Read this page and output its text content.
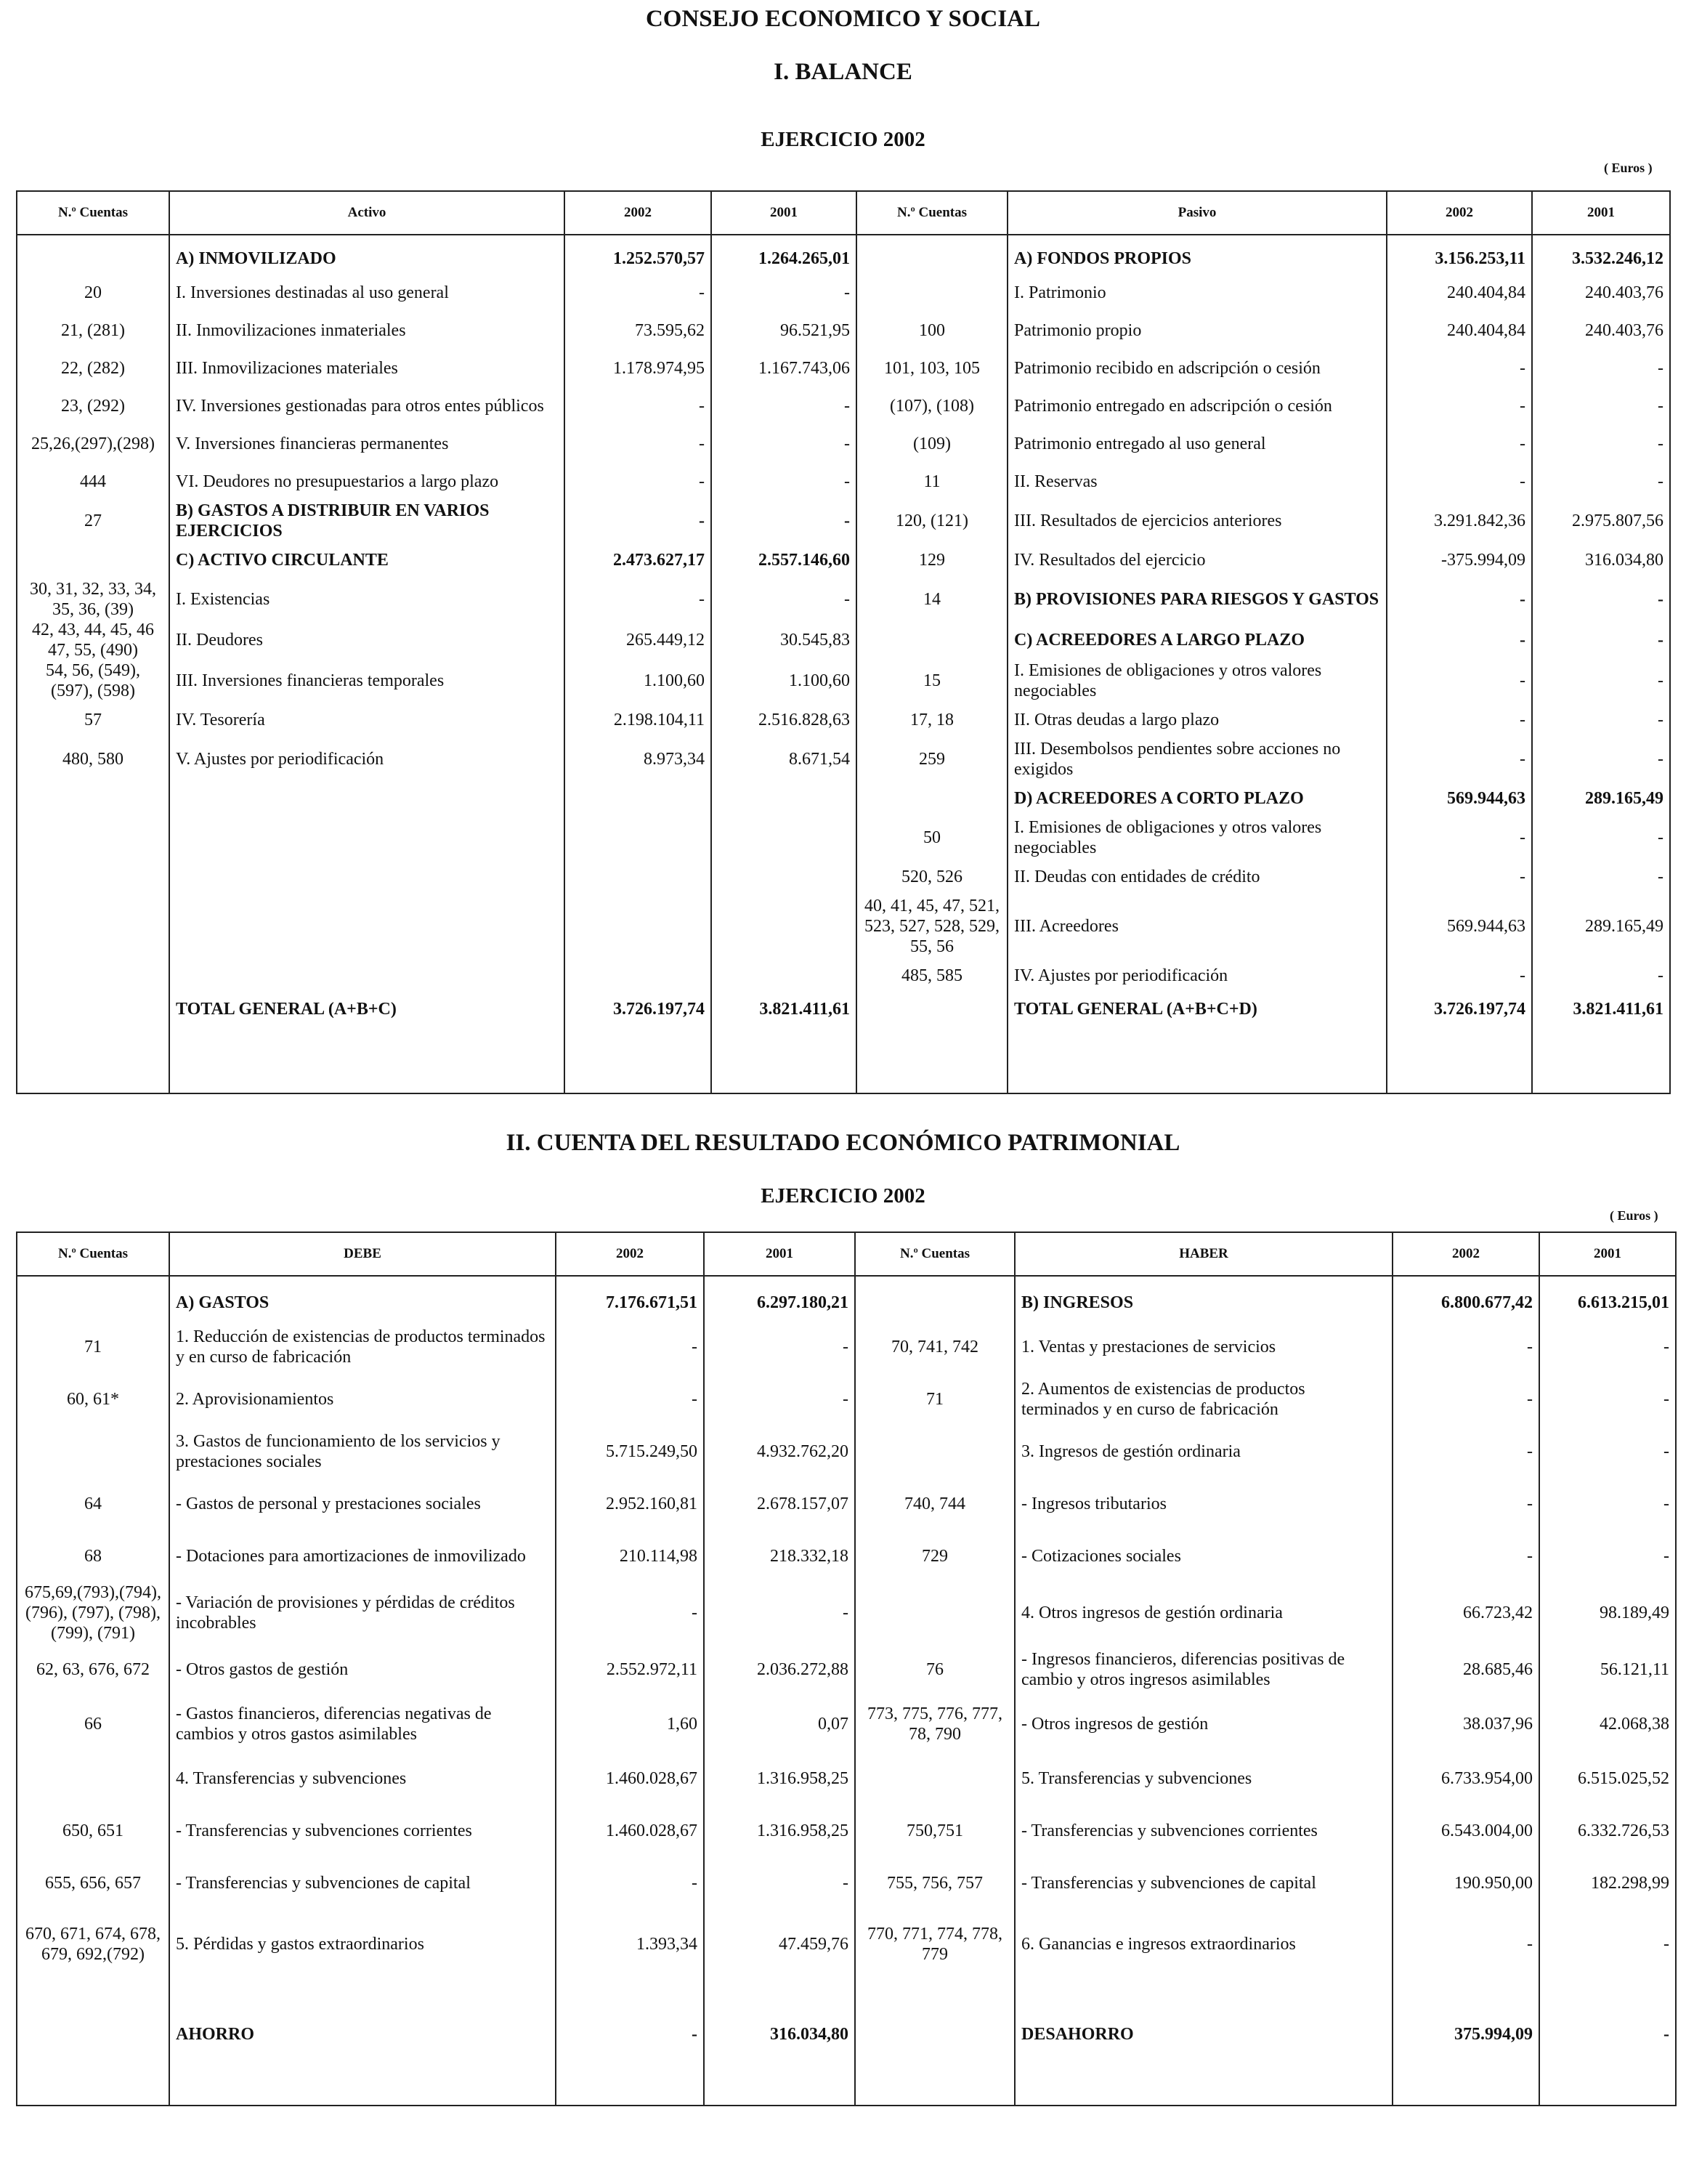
CONSEJO ECONOMICO Y SOCIAL
I. BALANCE
EJERCICIO 2002

( Euros )

N.º Cuentas	Activo	2002	2001	N.º Cuentas	Pasivo	2002	2001
	A) INMOVILIZADO	1.252.570,57	1.264.265,01		A) FONDOS PROPIOS	3.156.253,11	3.532.246,12
20	I. Inversiones destinadas al uso general	-	-		I. Patrimonio	240.404,84	240.403,76
21, (281)	II. Inmovilizaciones inmateriales	73.595,62	96.521,95	100	Patrimonio propio	240.404,84	240.403,76
22, (282)	III. Inmovilizaciones materiales	1.178.974,95	1.167.743,06	101, 103, 105	Patrimonio recibido en adscripción o cesión	-	-
23, (292)	IV. Inversiones gestionadas para otros entes públicos	-	-	(107), (108)	Patrimonio entregado en adscripción o cesión	-	-
25,26,(297),(298)	V. Inversiones financieras permanentes	-	-	(109)	Patrimonio entregado al uso general	-	-
444	VI. Deudores no presupuestarios a largo plazo	-	-	11	II. Reservas	-	-
27	B) GASTOS A DISTRIBUIR EN VARIOS EJERCICIOS	-	-	120, (121)	III. Resultados de ejercicios anteriores	3.291.842,36	2.975.807,56
	C) ACTIVO CIRCULANTE	2.473.627,17	2.557.146,60	129	IV. Resultados del ejercicio	-375.994,09	316.034,80
30, 31, 32, 33, 34, 35, 36, (39)	I. Existencias	-	-	14	B) PROVISIONES PARA RIESGOS Y GASTOS	-	-
42, 43, 44, 45, 46 47, 55, (490)	II. Deudores	265.449,12	30.545,83		C) ACREEDORES A LARGO PLAZO	-	-
54, 56, (549), (597), (598)	III. Inversiones financieras temporales	1.100,60	1.100,60	15	I. Emisiones de obligaciones y otros valores negociables	-	-
57	IV. Tesorería	2.198.104,11	2.516.828,63	17, 18	II. Otras deudas a largo plazo	-	-
480, 580	V. Ajustes por periodificación	8.973,34	8.671,54	259	III. Desembolsos pendientes sobre acciones no exigidos	-	-
					D) ACREEDORES A CORTO PLAZO	569.944,63	289.165,49
				50	I. Emisiones de obligaciones y otros valores negociables	-	-
				520, 526	II. Deudas con entidades de crédito	-	-
				40, 41, 45, 47, 521, 523, 527, 528, 529, 55, 56	III. Acreedores	569.944,63	289.165,49
				485, 585	IV. Ajustes por periodificación	-	-
	TOTAL GENERAL (A+B+C)	3.726.197,74	3.821.411,61		TOTAL GENERAL (A+B+C+D)	3.726.197,74	3.821.411,61
II. CUENTA DEL RESULTADO ECONÓMICO PATRIMONIAL
EJERCICIO 2002

( Euros )

N.º Cuentas	DEBE	2002	2001	N.º Cuentas	HABER	2002	2001
	A) GASTOS	7.176.671,51	6.297.180,21		B) INGRESOS	6.800.677,42	6.613.215,01
71	1. Reducción de existencias de productos terminados y en curso de fabricación	-	-	70, 741, 742	1. Ventas y prestaciones de servicios	-	-
60, 61*	2. Aprovisionamientos	-	-	71	2. Aumentos de existencias de productos terminados y en curso de fabricación	-	-
	3. Gastos de funcionamiento de los servicios y prestaciones sociales	5.715.249,50	4.932.762,20		3. Ingresos de gestión ordinaria	-	-
64	- Gastos de personal y prestaciones sociales	2.952.160,81	2.678.157,07	740, 744	- Ingresos tributarios	-	-
68	- Dotaciones para amortizaciones de inmovilizado	210.114,98	218.332,18	729	- Cotizaciones sociales	-	-
675,69,(793),(794), (796), (797), (798), (799), (791)	- Variación de provisiones y pérdidas de créditos incobrables	-	-		4. Otros ingresos de gestión ordinaria	66.723,42	98.189,49
62, 63, 676, 672	- Otros gastos de gestión	2.552.972,11	2.036.272,88	76	- Ingresos financieros, diferencias positivas de cambio y otros ingresos asimilables	28.685,46	56.121,11
66	- Gastos financieros, diferencias negativas de cambios y otros gastos asimilables	1,60	0,07	773, 775, 776, 777, 78, 790	- Otros ingresos de gestión	38.037,96	42.068,38
	4. Transferencias y subvenciones	1.460.028,67	1.316.958,25		5. Transferencias y subvenciones	6.733.954,00	6.515.025,52
650, 651	- Transferencias y subvenciones corrientes	1.460.028,67	1.316.958,25	750,751	- Transferencias y subvenciones corrientes	6.543.004,00	6.332.726,53
655, 656, 657	- Transferencias y subvenciones de capital	-	-	755, 756, 757	- Transferencias y subvenciones de capital	190.950,00	182.298,99
670, 671, 674, 678, 679, 692,(792)	5. Pérdidas y gastos extraordinarios	1.393,34	47.459,76	770, 771, 774, 778, 779	6. Ganancias e ingresos extraordinarios	-	-
	AHORRO	-	316.034,80		DESAHORRO	375.994,09	-
